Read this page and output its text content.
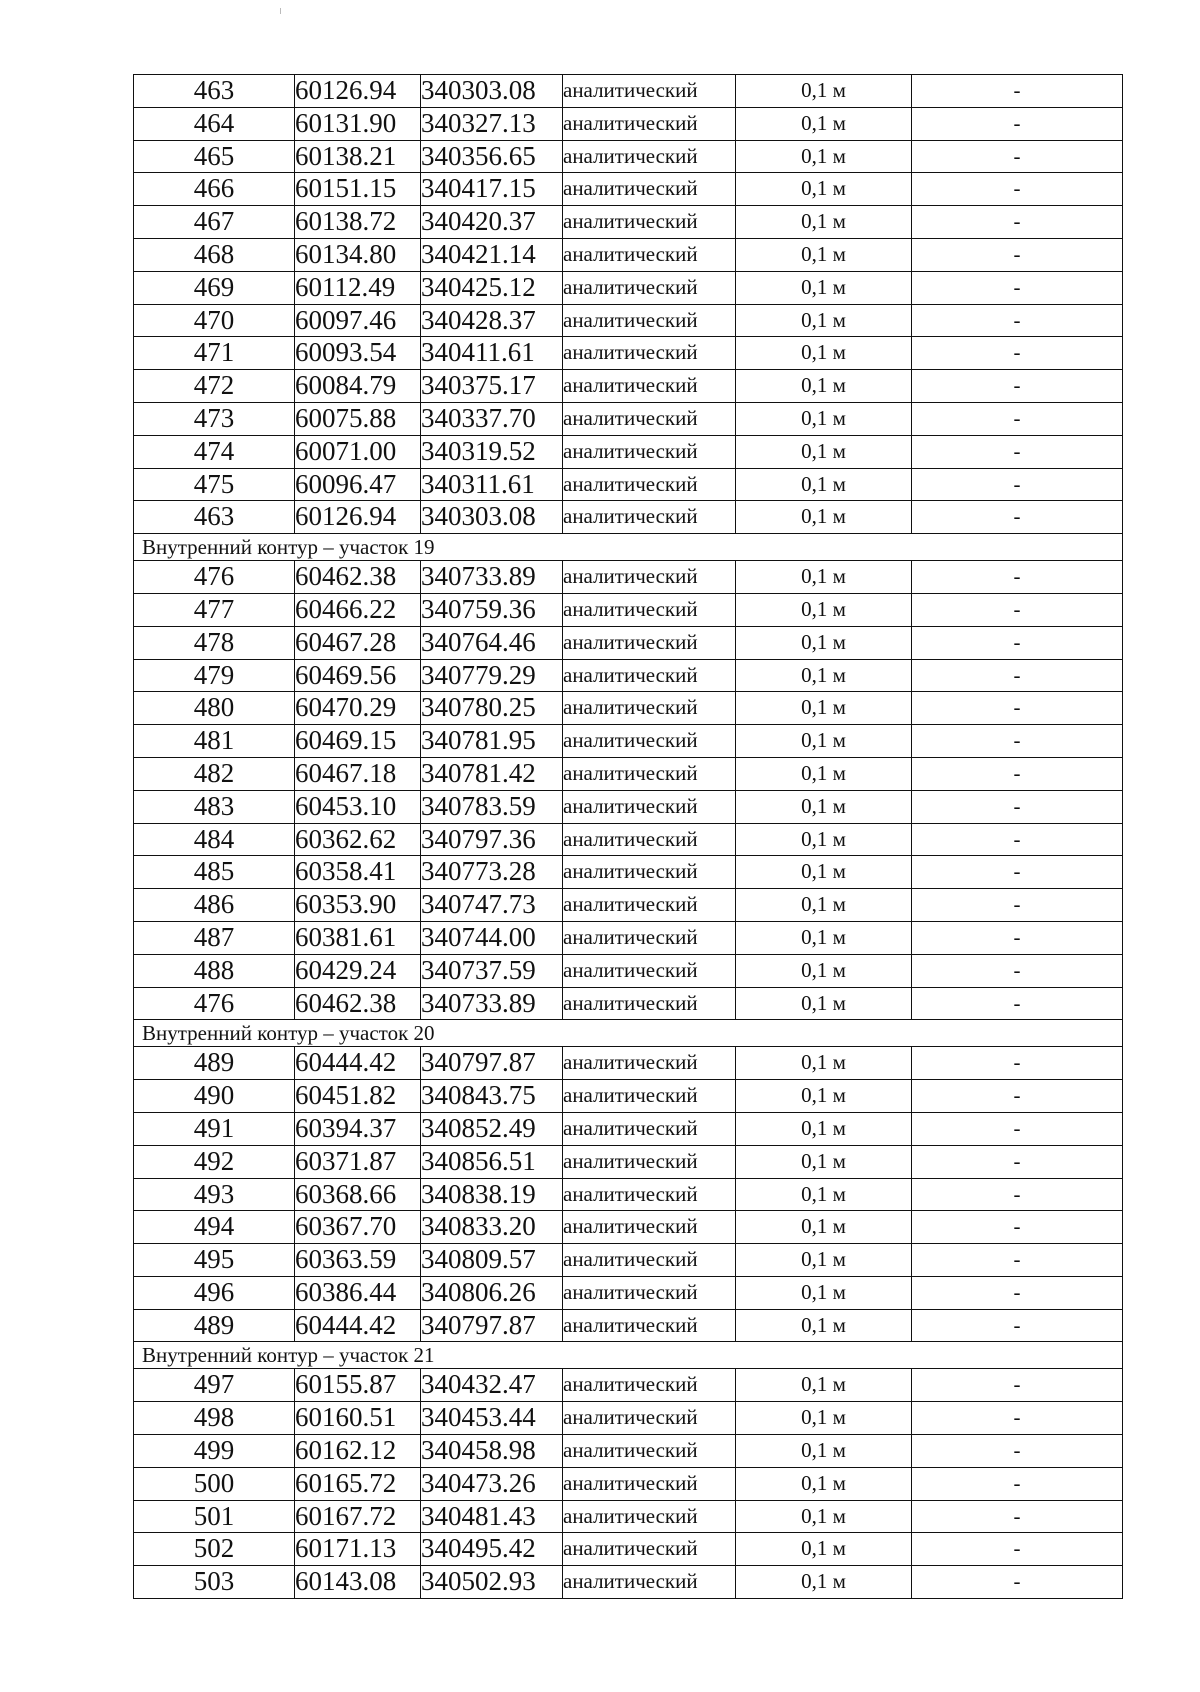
463	60126.94	340303.08	аналитический	0,1 м	-
464	60131.90	340327.13	аналитический	0,1 м	-
465	60138.21	340356.65	аналитический	0,1 м	-
466	60151.15	340417.15	аналитический	0,1 м	-
467	60138.72	340420.37	аналитический	0,1 м	-
468	60134.80	340421.14	аналитический	0,1 м	-
469	60112.49	340425.12	аналитический	0,1 м	-
470	60097.46	340428.37	аналитический	0,1 м	-
471	60093.54	340411.61	аналитический	0,1 м	-
472	60084.79	340375.17	аналитический	0,1 м	-
473	60075.88	340337.70	аналитический	0,1 м	-
474	60071.00	340319.52	аналитический	0,1 м	-
475	60096.47	340311.61	аналитический	0,1 м	-
463	60126.94	340303.08	аналитический	0,1 м	-
Внутренний контур – участок 19					
476	60462.38	340733.89	аналитический	0,1 м	-
477	60466.22	340759.36	аналитический	0,1 м	-
478	60467.28	340764.46	аналитический	0,1 м	-
479	60469.56	340779.29	аналитический	0,1 м	-
480	60470.29	340780.25	аналитический	0,1 м	-
481	60469.15	340781.95	аналитический	0,1 м	-
482	60467.18	340781.42	аналитический	0,1 м	-
483	60453.10	340783.59	аналитический	0,1 м	-
484	60362.62	340797.36	аналитический	0,1 м	-
485	60358.41	340773.28	аналитический	0,1 м	-
486	60353.90	340747.73	аналитический	0,1 м	-
487	60381.61	340744.00	аналитический	0,1 м	-
488	60429.24	340737.59	аналитический	0,1 м	-
476	60462.38	340733.89	аналитический	0,1 м	-
Внутренний контур – участок 20					
489	60444.42	340797.87	аналитический	0,1 м	-
490	60451.82	340843.75	аналитический	0,1 м	-
491	60394.37	340852.49	аналитический	0,1 м	-
492	60371.87	340856.51	аналитический	0,1 м	-
493	60368.66	340838.19	аналитический	0,1 м	-
494	60367.70	340833.20	аналитический	0,1 м	-
495	60363.59	340809.57	аналитический	0,1 м	-
496	60386.44	340806.26	аналитический	0,1 м	-
489	60444.42	340797.87	аналитический	0,1 м	-
Внутренний контур – участок 21					
497	60155.87	340432.47	аналитический	0,1 м	-
498	60160.51	340453.44	аналитический	0,1 м	-
499	60162.12	340458.98	аналитический	0,1 м	-
500	60165.72	340473.26	аналитический	0,1 м	-
501	60167.72	340481.43	аналитический	0,1 м	-
502	60171.13	340495.42	аналитический	0,1 м	-
503	60143.08	340502.93	аналитический	0,1 м	-
